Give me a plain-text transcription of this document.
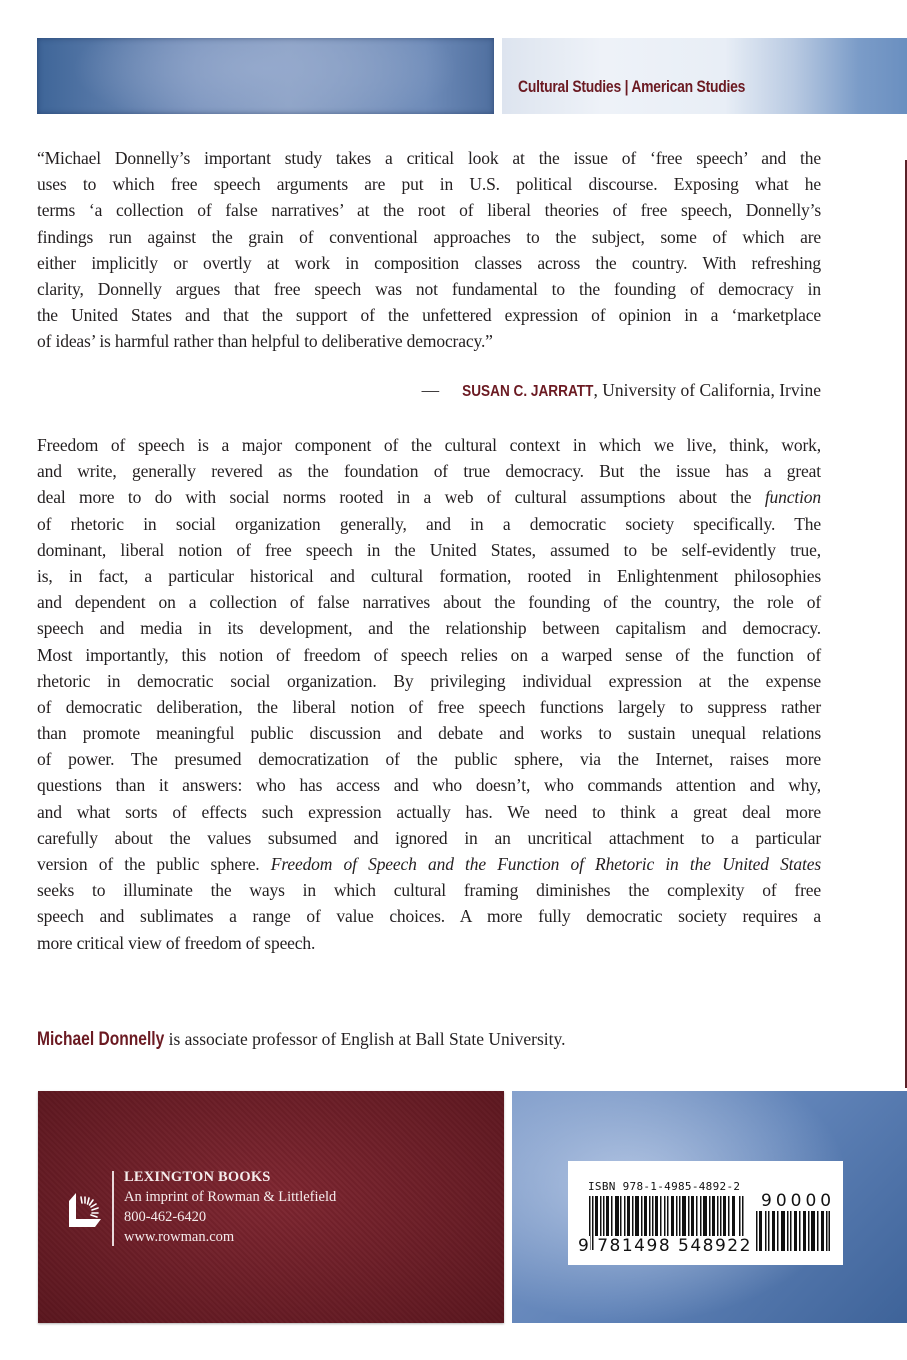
Cultural Studies | American Studies
“Michael Donnelly’s important study takes a critical look at the issue of ‘free speech’ and the
uses to which free speech arguments are put in U.S. political discourse. Exposing what he
terms ‘a collection of false narratives’ at the root of liberal theories of free speech, Donnelly’s
findings run against the grain of conventional approaches to the subject, some of which are
either implicitly or overtly at work in composition classes across the country. With refreshing
clarity, Donnelly argues that free speech was not fundamental to the founding of democracy in
the United States and that the support of the unfettered expression of opinion in a ‘marketplace
of ideas’ is harmful rather than helpful to deliberative democracy.”
— SUSAN C. JARRATT, University of California, Irvine
Freedom of speech is a major component of the cultural context in which we live, think, work,
and write, generally revered as the foundation of true democracy. But the issue has a great
deal more to do with social norms rooted in a web of cultural assumptions about the function
of rhetoric in social organization generally, and in a democratic society specifically. The
dominant, liberal notion of free speech in the United States, assumed to be self-evidently true,
is, in fact, a particular historical and cultural formation, rooted in Enlightenment philosophies
and dependent on a collection of false narratives about the founding of the country, the role of
speech and media in its development, and the relationship between capitalism and democracy.
Most importantly, this notion of freedom of speech relies on a warped sense of the function of
rhetoric in democratic social organization. By privileging individual expression at the expense
of democratic deliberation, the liberal notion of free speech functions largely to suppress rather
than promote meaningful public discussion and debate and works to sustain unequal relations
of power. The presumed democratization of the public sphere, via the Internet, raises more
questions than it answers: who has access and who doesn’t, who commands attention and why,
and what sorts of effects such expression actually has. We need to think a great deal more
carefully about the values subsumed and ignored in an uncritical attachment to a particular
version of the public sphere. Freedom of Speech and the Function of Rhetoric in the United States
seeks to illuminate the ways in which cultural framing diminishes the complexity of free
speech and sublimates a range of value choices. A more fully democratic society requires a
more critical view of freedom of speech.
Michael Donnelly is associate professor of English at Ball State University.
LEXINGTON BOOKS
An imprint of Rowman & Littlefield
800-462-6420
www.rowman.com
ISBN 978-1-4985-4892-2
9 781498 548922
90000
